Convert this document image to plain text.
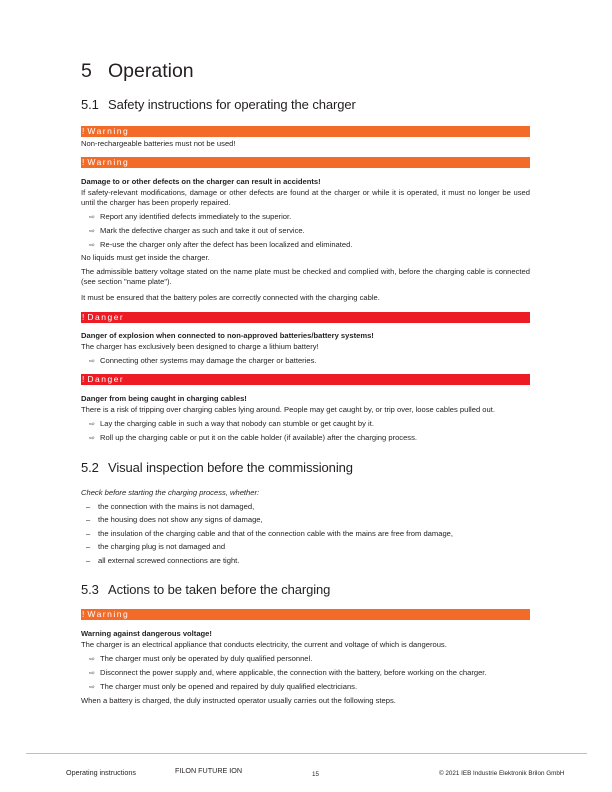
5 Operation
5.1 Safety instructions for operating the charger
! Warning
Non-rechargeable batteries must not be used!
! Warning
Damage to or other defects on the charger can result in accidents!
If safety-relevant modifications, damage or other defects are found at the charger or while it is operated, it must no longer be used until the charger has been properly repaired.
⇨ Report any identified defects immediately to the superior.
⇨ Mark the defective charger as such and take it out of service.
⇨ Re-use the charger only after the defect has been localized and eliminated.
No liquids must get inside the charger.
The admissible battery voltage stated on the name plate must be checked and complied with, before the charging cable is connected (see section "name plate").
It must be ensured that the battery poles are correctly connected with the charging cable.
! Danger
Danger of explosion when connected to non-approved batteries/battery systems!
The charger has exclusively been designed to charge a lithium battery!
⇨ Connecting other systems may damage the charger or batteries.
! Danger
Danger from being caught in charging cables!
There is a risk of tripping over charging cables lying around. People may get caught by, or trip over, loose cables pulled out.
⇨ Lay the charging cable in such a way that nobody can stumble or get caught by it.
⇨ Roll up the charging cable or put it on the cable holder (if available) after the charging process.
5.2 Visual inspection before the commissioning
Check before starting the charging process, whether:
– the connection with the mains is not damaged,
– the housing does not show any signs of damage,
– the insulation of the charging cable and that of the connection cable with the mains are free from damage,
– the charging plug is not damaged and
– all external screwed connections are tight.
5.3 Actions to be taken before the charging
! Warning
Warning against dangerous voltage!
The charger is an electrical appliance that conducts electricity, the current and voltage of which is dangerous.
⇨ The charger must only be operated by duly qualified personnel.
⇨ Disconnect the power supply and, where applicable, the connection with the battery, before working on the charger.
⇨ The charger must only be opened and repaired by duly qualified electricians.
When a battery is charged, the duly instructed operator usually carries out the following steps.
Operating instructions	FILON FUTURE ION	15	© 2021 IEB Industrie Elektronik Brilon GmbH
